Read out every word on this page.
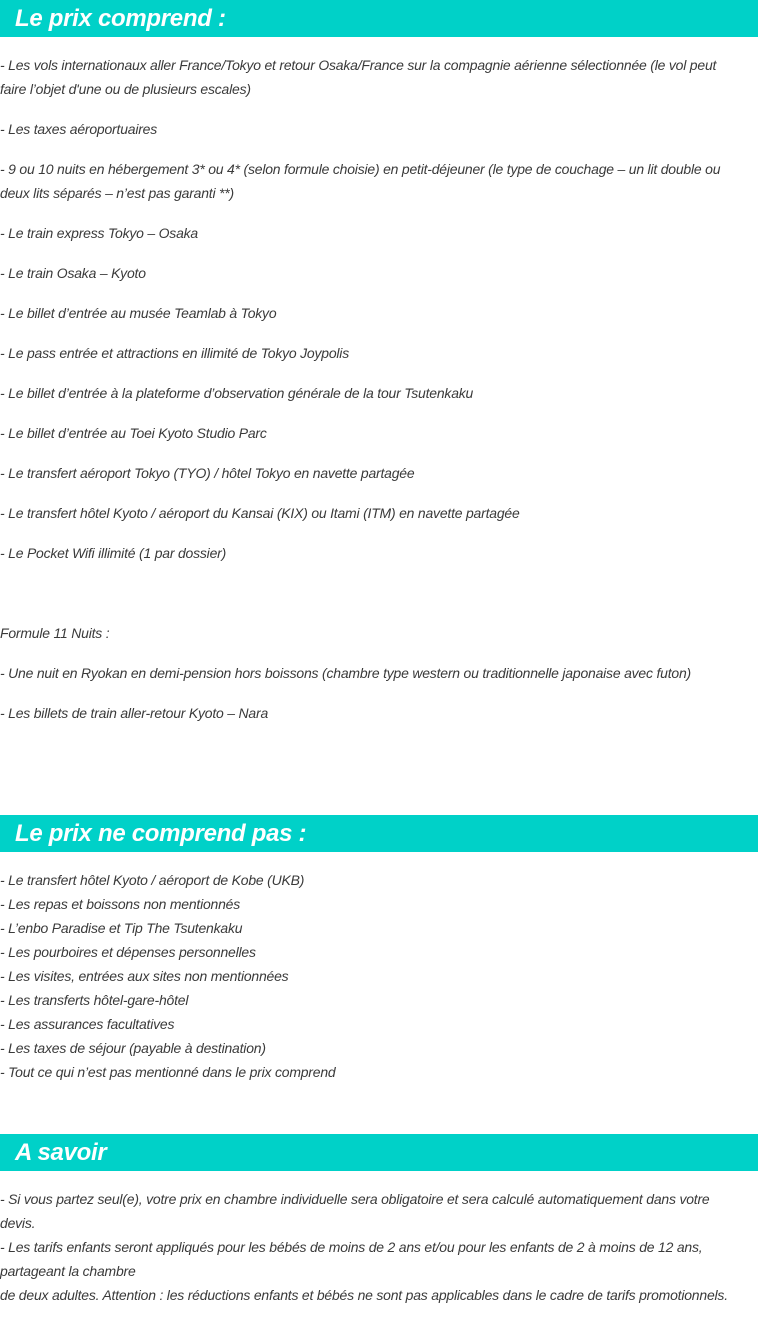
Le prix comprend :
- Les vols internationaux aller France/Tokyo et retour Osaka/France sur la compagnie aérienne sélectionnée (le vol peut
faire l’objet d'une ou de plusieurs escales)
- Les taxes aéroportuaires
- 9 ou 10 nuits en hébergement 3* ou 4* (selon formule choisie) en petit-déjeuner (le type de couchage – un lit double ou
deux lits séparés – n’est pas garanti **)
- Le train express Tokyo – Osaka
- Le train Osaka – Kyoto
- Le billet d’entrée au musée Teamlab à Tokyo
- Le pass entrée et attractions en illimité de Tokyo Joypolis
- Le billet d’entrée à la plateforme d’observation générale de la tour Tsutenkaku
- Le billet d’entrée au Toei Kyoto Studio Parc
- Le transfert aéroport Tokyo (TYO) / hôtel Tokyo en navette partagée
- Le transfert hôtel Kyoto / aéroport du Kansai (KIX) ou Itami (ITM) en navette partagée
- Le Pocket Wifi illimité (1 par dossier)
Formule 11 Nuits :
- Une nuit en Ryokan en demi-pension hors boissons (chambre type western ou traditionnelle japonaise avec futon)
- Les billets de train aller-retour Kyoto – Nara
Le prix ne comprend pas :
- Le transfert hôtel Kyoto / aéroport de Kobe (UKB)
- Les repas et boissons non mentionnés
- L’enbo Paradise et Tip The Tsutenkaku
- Les pourboires et dépenses personnelles
- Les visites, entrées aux sites non mentionnées
- Les transferts hôtel-gare-hôtel
- Les assurances facultatives
- Les taxes de séjour (payable à destination)
- Tout ce qui n’est pas mentionné dans le prix comprend
A savoir
- Si vous partez seul(e), votre prix en chambre individuelle sera obligatoire et sera calculé automatiquement dans votre
devis.
- Les tarifs enfants seront appliqués pour les bébés de moins de 2 ans et/ou pour les enfants de 2 à moins de 12 ans,
partageant la chambre
de deux adultes. Attention : les réductions enfants et bébés ne sont pas applicables dans le cadre de tarifs promotionnels.
